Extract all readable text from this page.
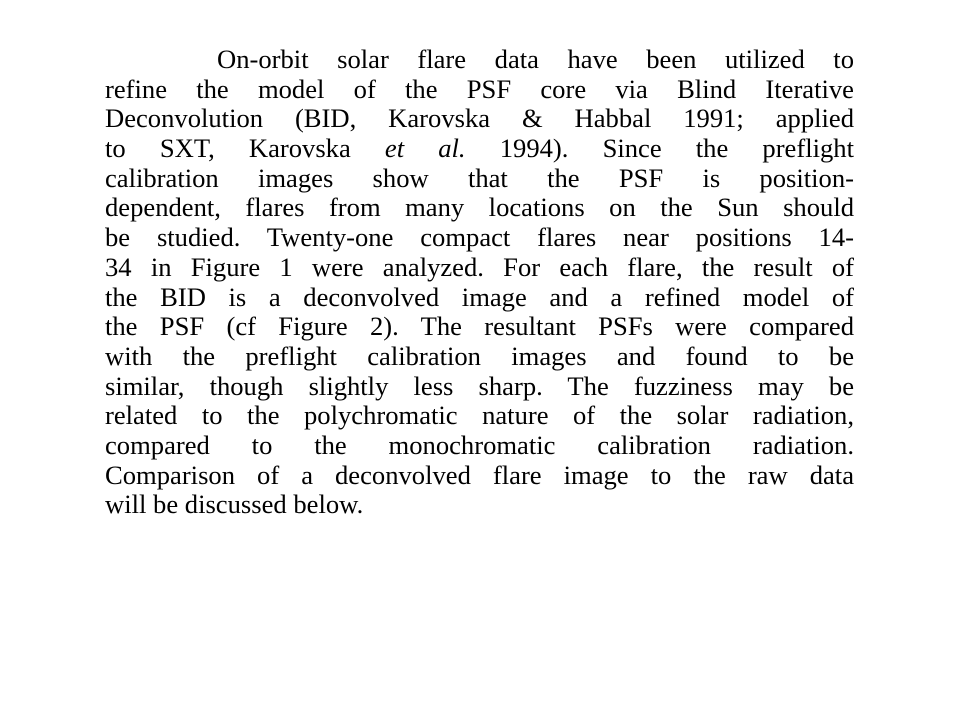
On-orbit solar flare data have been utilized to
refine the model of the PSF core via Blind Iterative
Deconvolution (BID, Karovska & Habbal 1991; applied
to SXT, Karovska et al. 1994). Since the preflight
calibration images show that the PSF is position-
dependent, flares from many locations on the Sun should
be studied. Twenty-one compact flares near positions 14-
34 in Figure 1 were analyzed. For each flare, the result of
the BID is a deconvolved image and a refined model of
the PSF (cf Figure 2). The resultant PSFs were compared
with the preflight calibration images and found to be
similar, though slightly less sharp. The fuzziness may be
related to the polychromatic nature of the solar radiation,
compared to the monochromatic calibration radiation.
Comparison of a deconvolved flare image to the raw data
will be discussed below.
